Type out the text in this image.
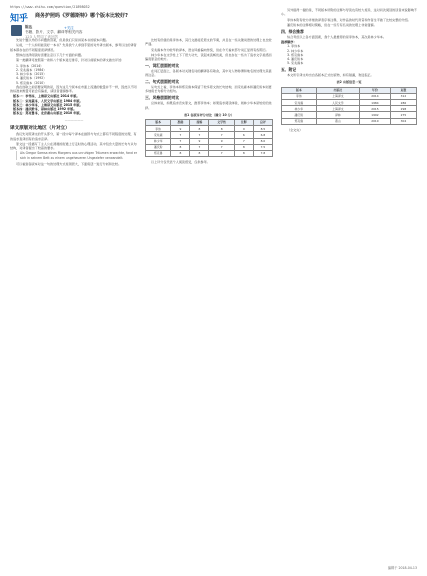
https://www.zhihu.com/question/21898032
知乎 商务护照吗《罗德斯特》哪个版本比较好?
陈达
书籍、影片、文学、翻译等相关内容
123 人赞同了该回答
+关注

先说个题以外的小问题的答案，但是我们只是讲某本书的版本问题。

从前，一个人如何能读好一本书？先是我个人拿到手里的对外译出版本，参考以往的译者版本都存在的不同程度误译情况。

整体在选择阅读时需要注意以下几个方面的问题。

第一类翻译可按照第一卷和八个版本进行排序，针对以前版本的译文做出评述：

1. 李伟本（2014）
2. 宋兆霖本（1984）
3. 林少华本（2015）
4. 潘庆舲本（1992）
5. 郑克鲁本（2010）

我在选取之前需要说明的是，因为这几个版本在市面上流通的数量并不一样，因此以不同的标准来衡量可能会有偏差，请读者谨慎参考。

版本一：李伟本，上海译文出版社 2014 年版。
版本二：宋兆霖本，人民文学出版社 1984 年版。
版本三：林少华本，上海译文出版社 2015 年版。
版本四：潘庆舲本，译林出版社 1992 年版。
版本五：郑克鲁本，北京燕山出版社 2010 年版。
——————
译文原版对比地区（片对立）

我们先对照译文的开头部分，第一段中每个译本在措辞与句式上都有不同程度的处理，有的追求直译而有的追求意译。

原文这一段描写了主人公在清晨的街道上行走时的心理活动，其中包含大量的长句与从句结构，对译者提出了较高的要求。

Als Gregor Samsa eines Morgens aus unruhigen Träumen erwachte, fand er sich in seinem Bett zu einem ungeheueren Ungeziefer verwandelt.

可以看到各版本对这一句的处理方式差别很大，下面将逐一进行分析和比较。

比较有价值的是李伟本，其行文最接近原文的节奏，并且在一些关键词语的处理上也比较严谨。

宋兆霖本作为较早的译本，语言风格偏向传统，但在今天看来部分词汇显得有些陈旧。

林少华本在文学性上下了很大功夫，读起来流畅优美，但也存在一些为了追求文字美感而偏离原意的地方。

一、词汇层面的对比

在词汇层面上，各版本对关键名词的翻译各有取舍，其中对人物称谓和地名的处理尤其值得注意。

二、句式层面的对比

从句式上看，李伟本和郑克鲁本保留了较多原文的长句结构，而宋兆霖本和潘庆舲本则更多地将长句拆分为短句。

三、风格层面的对比

总体来说，如果追求忠实原文，推荐李伟本；如果追求阅读体验，则林少华本是较好的选择。

表1 各版本评分对比（满分 10 分）
版本	准确	流畅	文学性	注释	总评
李伟	9	8	8	9	8.5
宋兆霖	7	7	7	6	6.8
林少华	7	9	9	7	8.0
潘庆舲	8	7	7	8	7.5
郑克鲁	8	8	7	8	7.8

以上评分仅代表个人阅读感受，仅供参考。

另外值得一提的是，不同版本所附的注释与导读也有较大差异，这对初次阅读的读者来说影响不小。

李伟本附有较为详细的译者序和注释，对作品的时代背景和作者生平做了比较完整的介绍。

潘庆舲本的注释相对简略，但在一些专有名词的处理上非常谨慎。

四、综合推荐

综合考虑以上各方面因素，我个人最推荐的是李伟本，其次是林少华本。

推荐顺序：
1. 李伟本
2. 林少华本
3. 郑克鲁本
4. 潘庆舲本
5. 宋兆霖本
五、附记

本文所引译文均出自各版本正式出版物，如有错漏，欢迎指正。

表2 出版信息一览
版本	出版社	年份	页数
李伟	上海译文	2014	312
宋兆霖	人民文学	1984	286
林少华	上海译文	2015	298
潘庆舲	译林	1992	275
郑克鲁	燕山	2010	304

（全文完）

编辑于 2018-04-13
